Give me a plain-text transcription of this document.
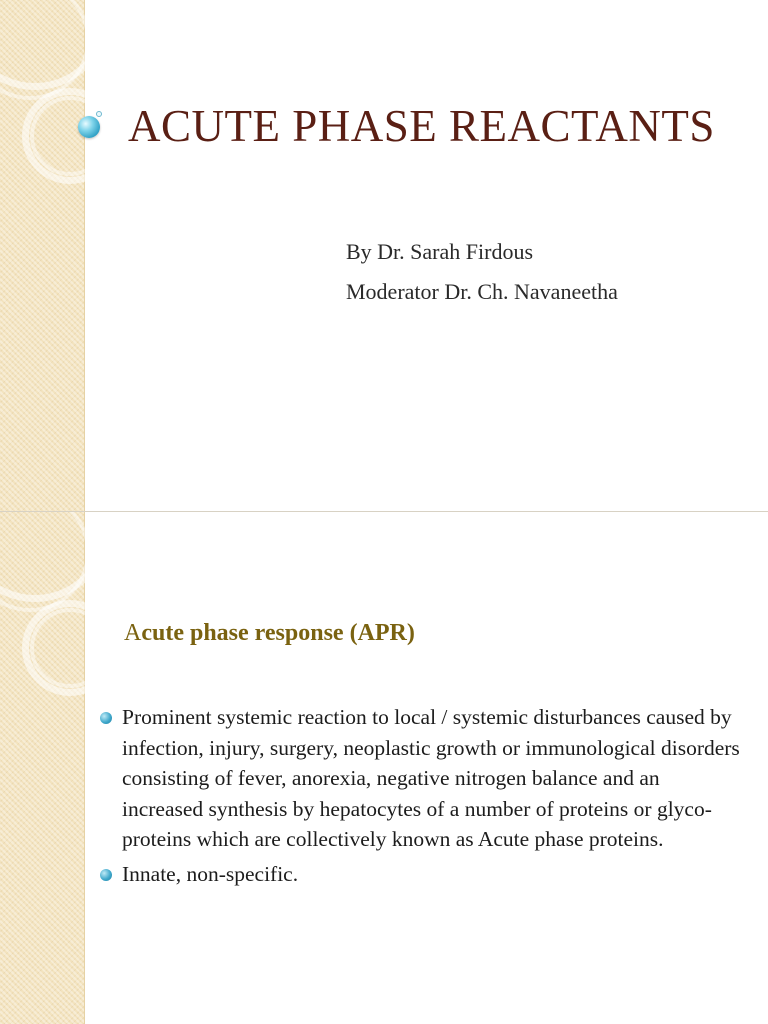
ACUTE PHASE REACTANTS
By Dr. Sarah Firdous
Moderator Dr. Ch. Navaneetha
Acute phase response (APR)
Prominent systemic reaction to local / systemic disturbances caused by infection, injury, surgery, neoplastic growth or immunological disorders consisting of fever, anorexia, negative nitrogen balance and an increased synthesis by hepatocytes of a number of proteins or glyco-proteins which are collectively known as Acute phase proteins.
Innate, non-specific.
